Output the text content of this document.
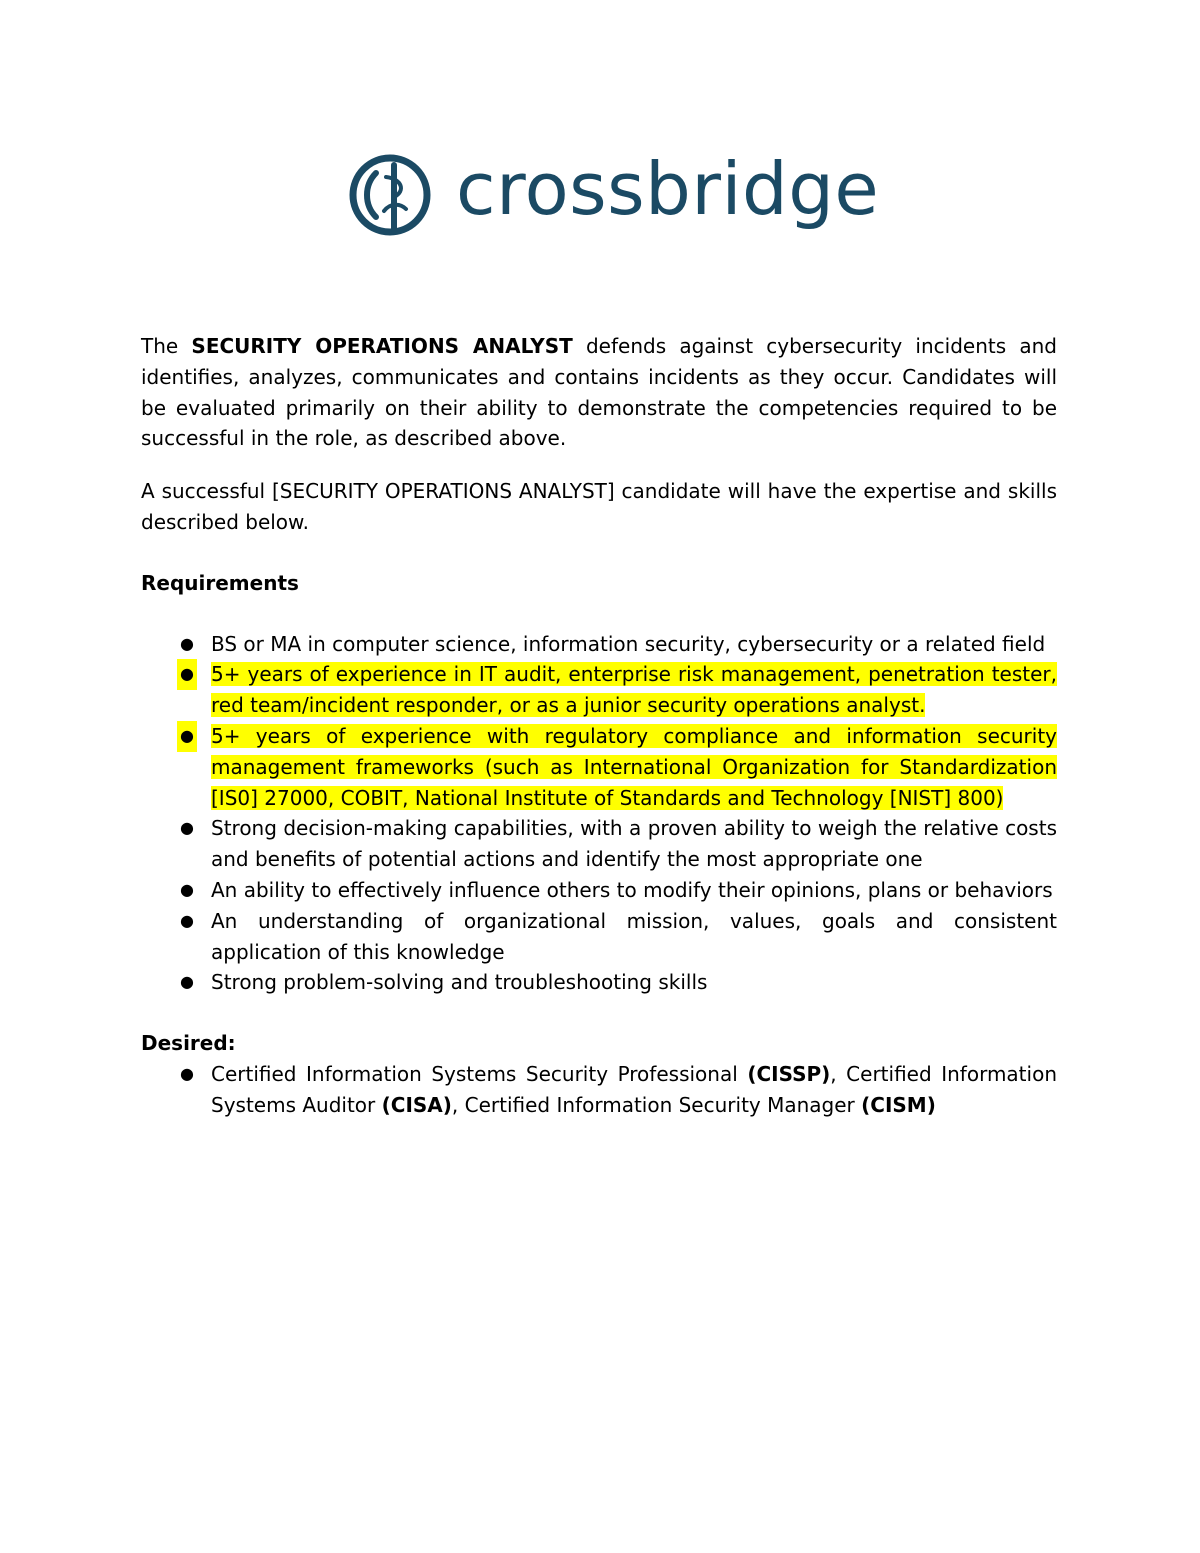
crossbridge

The SECURITY OPERATIONS ANALYST defends against cybersecurity incidents and identifies, analyzes, communicates and contains incidents as they occur. Candidates will be evaluated primarily on their ability to demonstrate the competencies required to be successful in the role, as described above.

A successful [SECURITY OPERATIONS ANALYST] candidate will have the expertise and skills described below.

Requirements
● BS or MA in computer science, information security, cybersecurity or a related field
● 5+ years of experience in IT audit, enterprise risk management, penetration tester, red team/incident responder, or as a junior security operations analyst.
● 5+ years of experience with regulatory compliance and information security management frameworks (such as International Organization for Standardization [IS0] 27000, COBIT, National Institute of Standards and Technology [NIST] 800)
● Strong decision-making capabilities, with a proven ability to weigh the relative costs and benefits of potential actions and identify the most appropriate one
● An ability to effectively influence others to modify their opinions, plans or behaviors
● An understanding of organizational mission, values, goals and consistent application of this knowledge
● Strong problem-solving and troubleshooting skills
Desired:
● Certified Information Systems Security Professional (CISSP), Certified Information Systems Auditor (CISA), Certified Information Security Manager (CISM)
